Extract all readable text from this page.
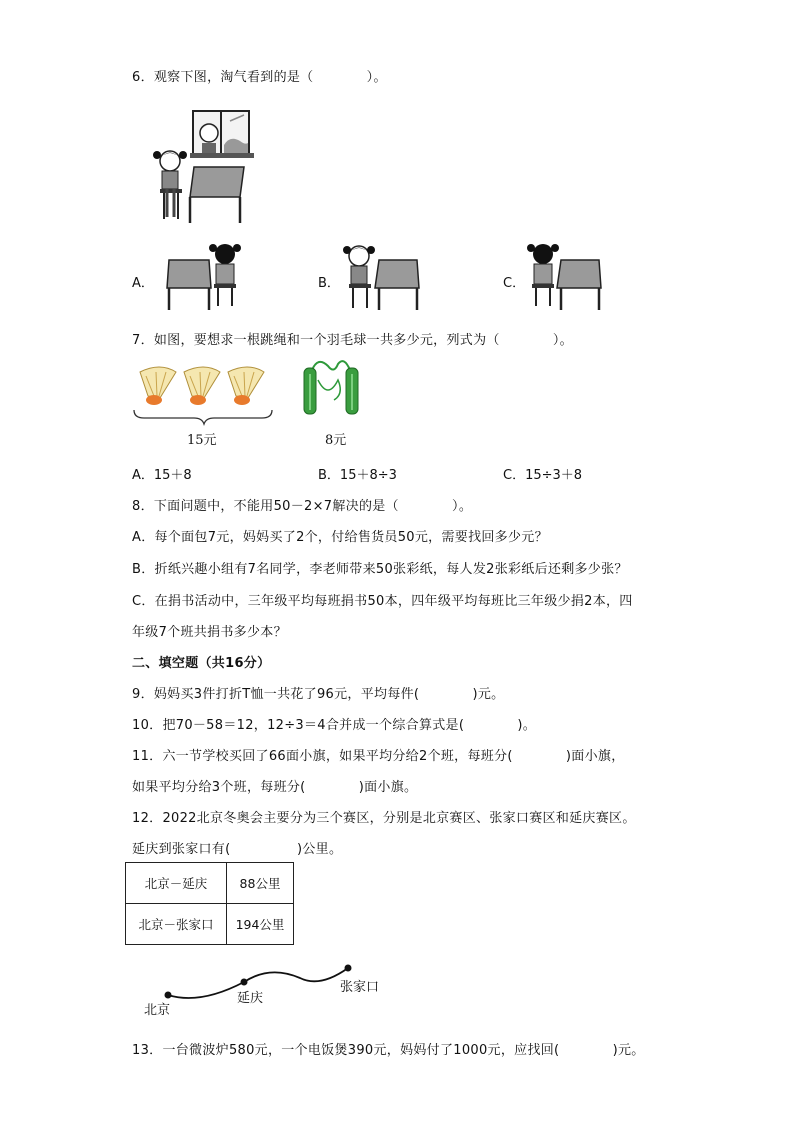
6．观察下图，淘气看到的是（　　　　）。
A．	B．	C．
7．如图，要想求一根跳绳和一个羽毛球一共多少元，列式为（　　　　）。
15元	8元
A．15＋8	B．15＋8÷3	C．15÷3＋8
8．下面问题中，不能用50－2×7解决的是（　　　　）。
A．每个面包7元，妈妈买了2个，付给售货员50元，需要找回多少元？
B．折纸兴趣小组有7名同学，李老师带来50张彩纸，每人发2张彩纸后还剩多少张？
C．在捐书活动中，三年级平均每班捐书50本，四年级平均每班比三年级少捐2本，四
年级7个班共捐书多少本？
二、填空题（共16分）
9．妈妈买3件打折T恤一共花了96元，平均每件(　　　　)元。
10．把70－58＝12，12÷3＝4合并成一个综合算式是(　　　　)。
11．六一节学校买回了66面小旗，如果平均分给2个班，每班分(　　　　)面小旗，
如果平均分给3个班，每班分(　　　　)面小旗。
12．2022北京冬奥会主要分为三个赛区，分别是北京赛区、张家口赛区和延庆赛区。
延庆到张家口有(　　　　　)公里。
北京－延庆	88公里
北京－张家口	194公里
北京
延庆
张家口
13．一台微波炉580元，一个电饭煲390元，妈妈付了1000元，应找回(　　　　)元。
